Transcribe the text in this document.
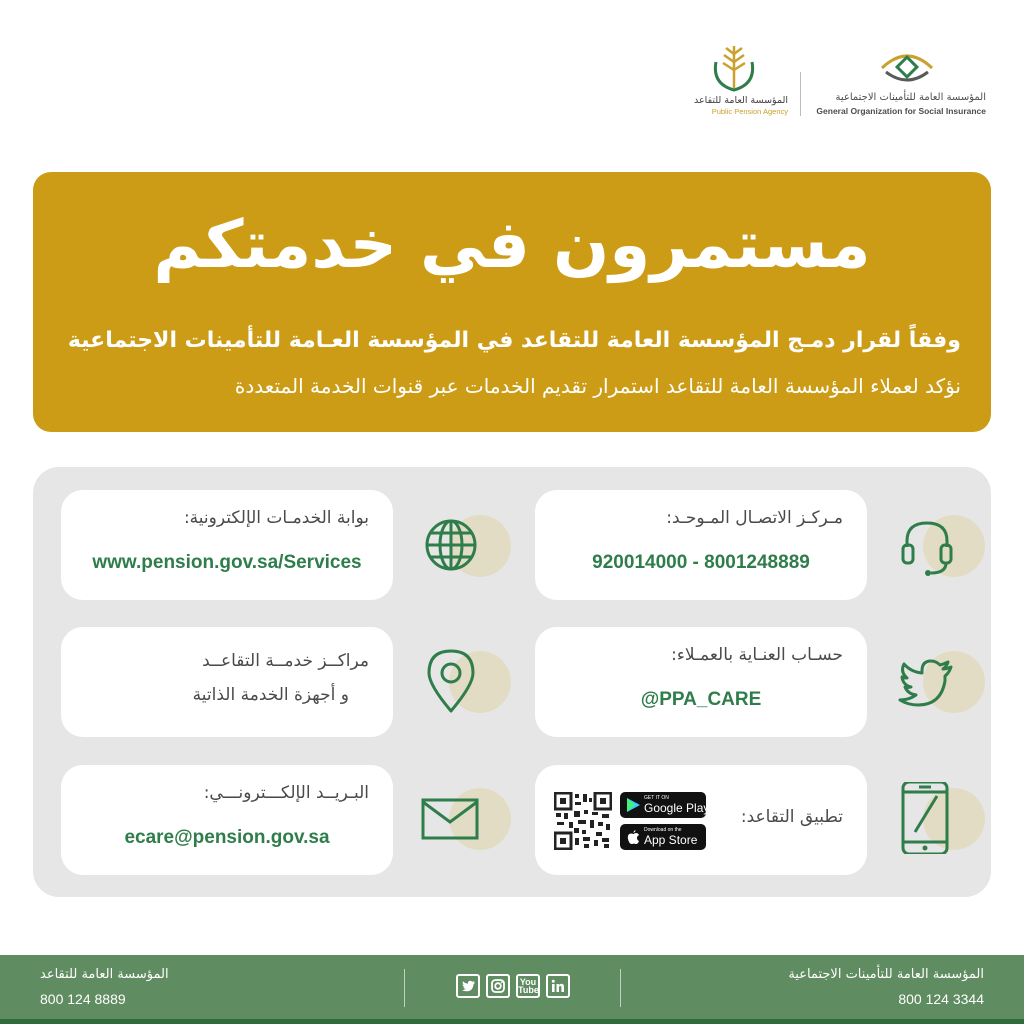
المؤسسة العامة للتأمينات الاجتماعية
General Organization for Social Insurance
المؤسسة العامة للتقاعد
Public Pension Agency
مستمرون في خدمتكم
وفقاً لقرار دمـج المؤسسة العامة للتقاعد في المؤسسة العـامة للتأمينات الاجتماعية
نؤكد لعملاء المؤسسة العامة للتقاعد استمرار تقديم الخدمات عبر قنوات الخدمة المتعددة
مـركـز الاتصـال المـوحـد:
920014000 - 8001248889
بوابة الخدمـات الإلكترونية:
www.pension.gov.sa/Services
حسـاب العنـاية بالعمـلاء:
@PPA_CARE
مراكــز خدمــة التقاعــد
و أجهزة الخدمة الذاتية
تطبيق التقاعد:
GET IT ON
Google Play
Download on the
App Store
البـريــد الإلكـــترونـــي:
ecare@pension.gov.sa
المؤسسة العامة للتأمينات الاجتماعية
800 124 3344
You Tube
المؤسسة العامة للتقاعد
800 124 8889
